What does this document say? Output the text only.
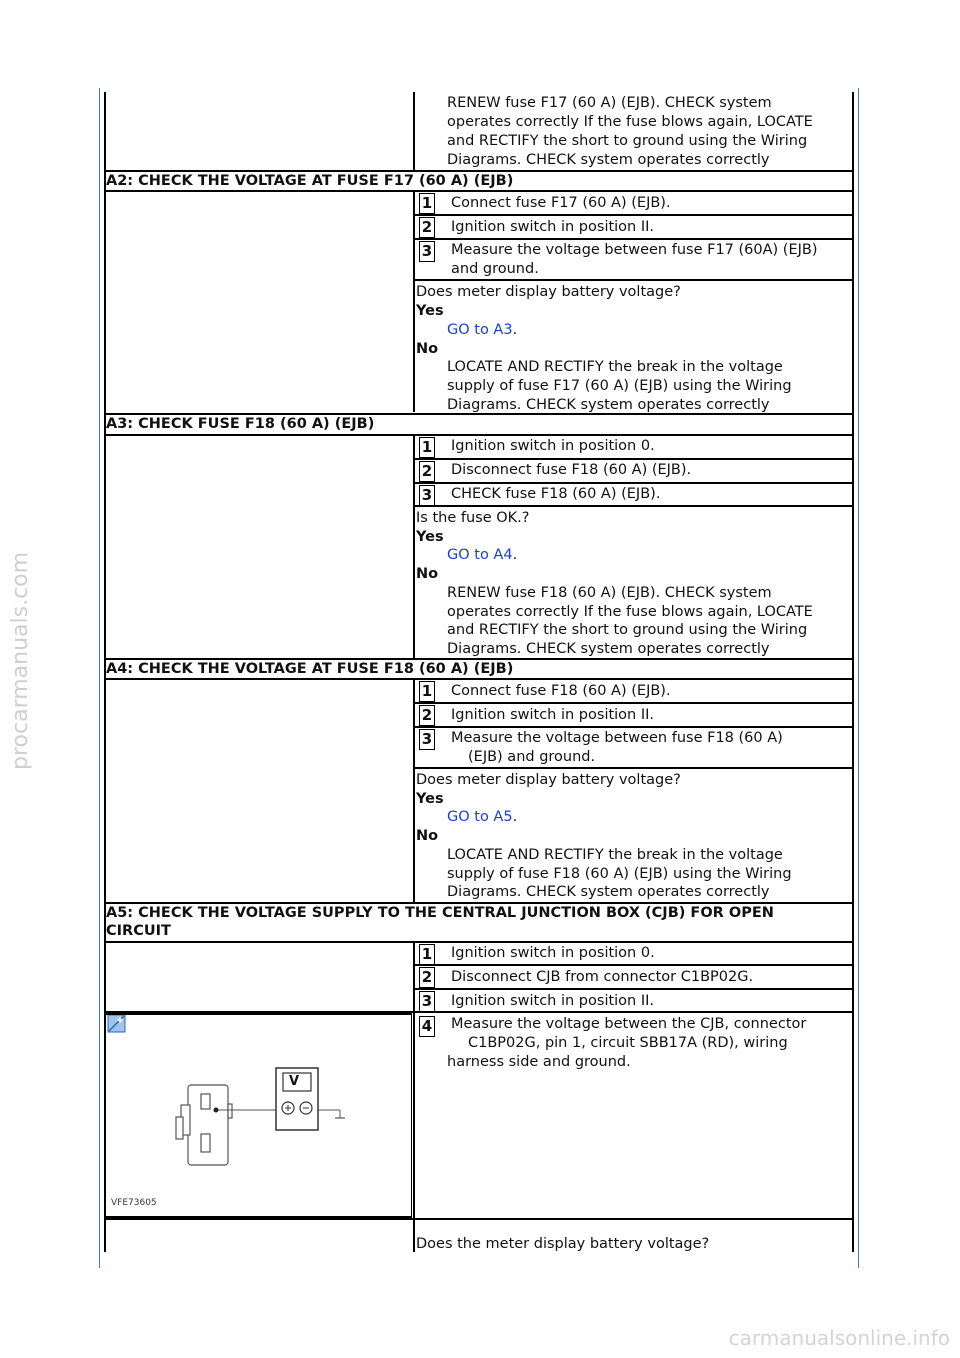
procarmanuals.com
carmanualsonline.info
RENEW fuse F17 (60 A) (EJB). CHECK system
operates correctly If the fuse blows again, LOCATE
and RECTIFY the short to ground using the Wiring
Diagrams. CHECK system operates correctly
A2: CHECK THE VOLTAGE AT FUSE F17 (60 A) (EJB)
1 Connect fuse F17 (60 A) (EJB).
2 Ignition switch in position II.
3 Measure the voltage between fuse F17 (60A) (EJB)
and ground.
Does meter display battery voltage?
Yes
GO to A3.
No
LOCATE AND RECTIFY the break in the voltage
supply of fuse F17 (60 A) (EJB) using the Wiring
Diagrams. CHECK system operates correctly
A3: CHECK FUSE F18 (60 A) (EJB)
1 Ignition switch in position 0.
2 Disconnect fuse F18 (60 A) (EJB).
3 CHECK fuse F18 (60 A) (EJB).
Is the fuse OK.?
Yes
GO to A4.
No
RENEW fuse F18 (60 A) (EJB). CHECK system
operates correctly If the fuse blows again, LOCATE
and RECTIFY the short to ground using the Wiring
Diagrams. CHECK system operates correctly
A4: CHECK THE VOLTAGE AT FUSE F18 (60 A) (EJB)
1 Connect fuse F18 (60 A) (EJB).
2 Ignition switch in position II.
3 Measure the voltage between fuse F18 (60 A)
(EJB) and ground.
Does meter display battery voltage?
Yes
GO to A5.
No
LOCATE AND RECTIFY the break in the voltage
supply of fuse F18 (60 A) (EJB) using the Wiring
Diagrams. CHECK system operates correctly
A5: CHECK THE VOLTAGE SUPPLY TO THE CENTRAL JUNCTION BOX (CJB) FOR OPEN
CIRCUIT
1 Ignition switch in position 0.
2 Disconnect CJB from connector C1BP02G.
3 Ignition switch in position II.
4 Measure the voltage between the CJB, connector
C1BP02G, pin 1, circuit SBB17A (RD), wiring
harness side and ground.
V
VFE73605
Does the meter display battery voltage?
